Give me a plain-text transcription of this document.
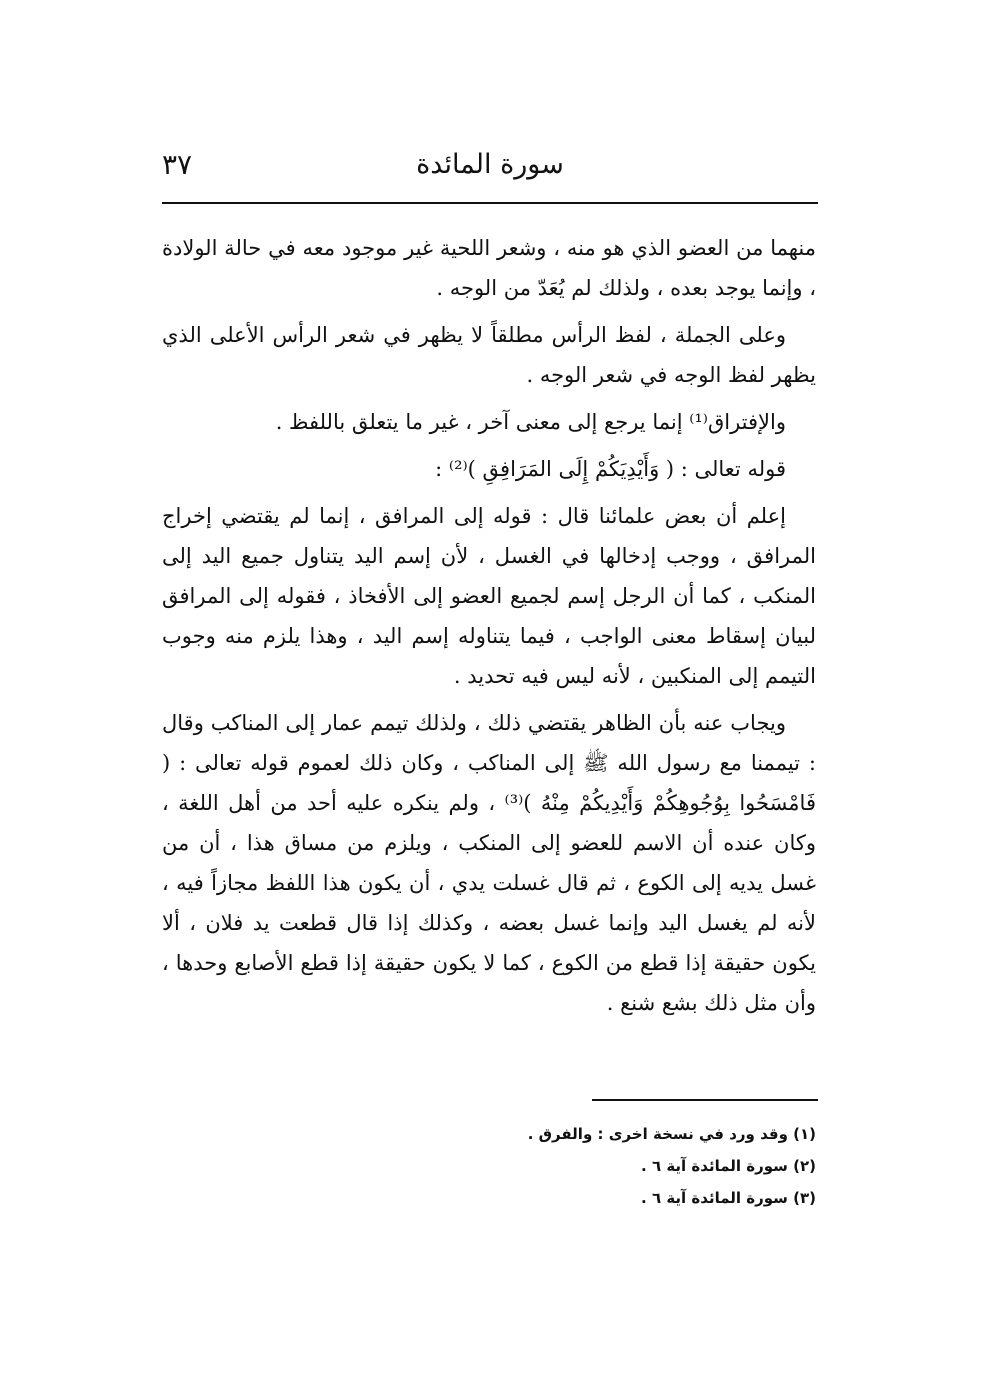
سورة المائدة
٣٧

منهما من العضو الذي هو منه ، وشعر اللحية غير موجود معه في حالة الولادة ، وإنما يوجد بعده ، ولذلك لم يُعَدّ من الوجه .

وعلى الجملة ، لفظ الرأس مطلقاً لا يظهر في شعر الرأس الأعلى الذي يظهر لفظ الوجه في شعر الوجه .

والإفتراق⁽¹⁾ إنما يرجع إلى معنى آخر ، غير ما يتعلق باللفظ .

قوله تعالى : ( وَأَيْدِيَكُمْ إِلَى المَرَافِقِ )⁽²⁾ :

إعلم أن بعض علمائنا قال : قوله إلى المرافق ، إنما لم يقتضي إخراج المرافق ، ووجب إدخالها في الغسل ، لأن إسم اليد يتناول جميع اليد إلى المنكب ، كما أن الرجل إسم لجميع العضو إلى الأفخاذ ، فقوله إلى المرافق لبيان إسقاط معنى الواجب ، فيما يتناوله إسم اليد ، وهذا يلزم منه وجوب التيمم إلى المنكبين ، لأنه ليس فيه تحديد .

ويجاب عنه بأن الظاهر يقتضي ذلك ، ولذلك تيمم عمار إلى المناكب وقال : تيممنا مع رسول الله ﷺ إلى المناكب ، وكان ذلك لعموم قوله تعالى : ( فَامْسَحُوا بِوُجُوهِكُمْ وَأَيْدِيكُمْ مِنْهُ )⁽³⁾ ، ولم ينكره عليه أحد من أهل اللغة ، وكان عنده أن الاسم للعضو إلى المنكب ، ويلزم من مساق هذا ، أن من غسل يديه إلى الكوع ، ثم قال غسلت يدي ، أن يكون هذا اللفظ مجازاً فيه ، لأنه لم يغسل اليد وإنما غسل بعضه ، وكذلك إذا قال قطعت يد فلان ، ألا يكون حقيقة إذا قطع من الكوع ، كما لا يكون حقيقة إذا قطع الأصابع وحدها ، وأن مثل ذلك بشع شنع .

(١) وقد ورد في نسخة اخرى : والفرق .
(٢) سورة المائدة آية ٦ .
(٣) سورة المائدة آية ٦ .
